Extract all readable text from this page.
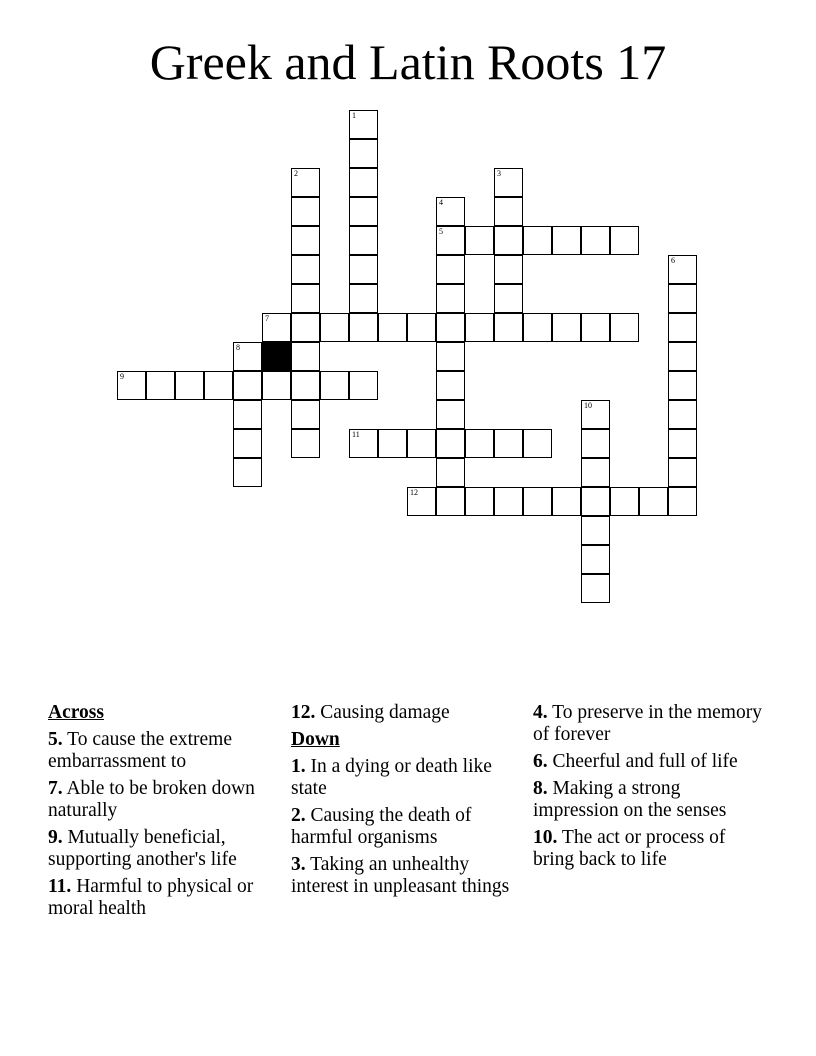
Greek and Latin Roots 17
1
2	3
4
5
6
7
8
9
10
11
12
Across
5. To cause the extreme embarrassment to
7. Able to be broken down naturally
9. Mutually beneficial, supporting another's life
11. Harmful to physical or moral health
12. Causing damage
Down
1. In a dying or death like state
2. Causing the death of harmful organisms
3. Taking an unhealthy interest in unpleasant things
4. To preserve in the memory of forever
6. Cheerful and full of life
8. Making a strong impression on the senses
10. The act or process of bring back to life
